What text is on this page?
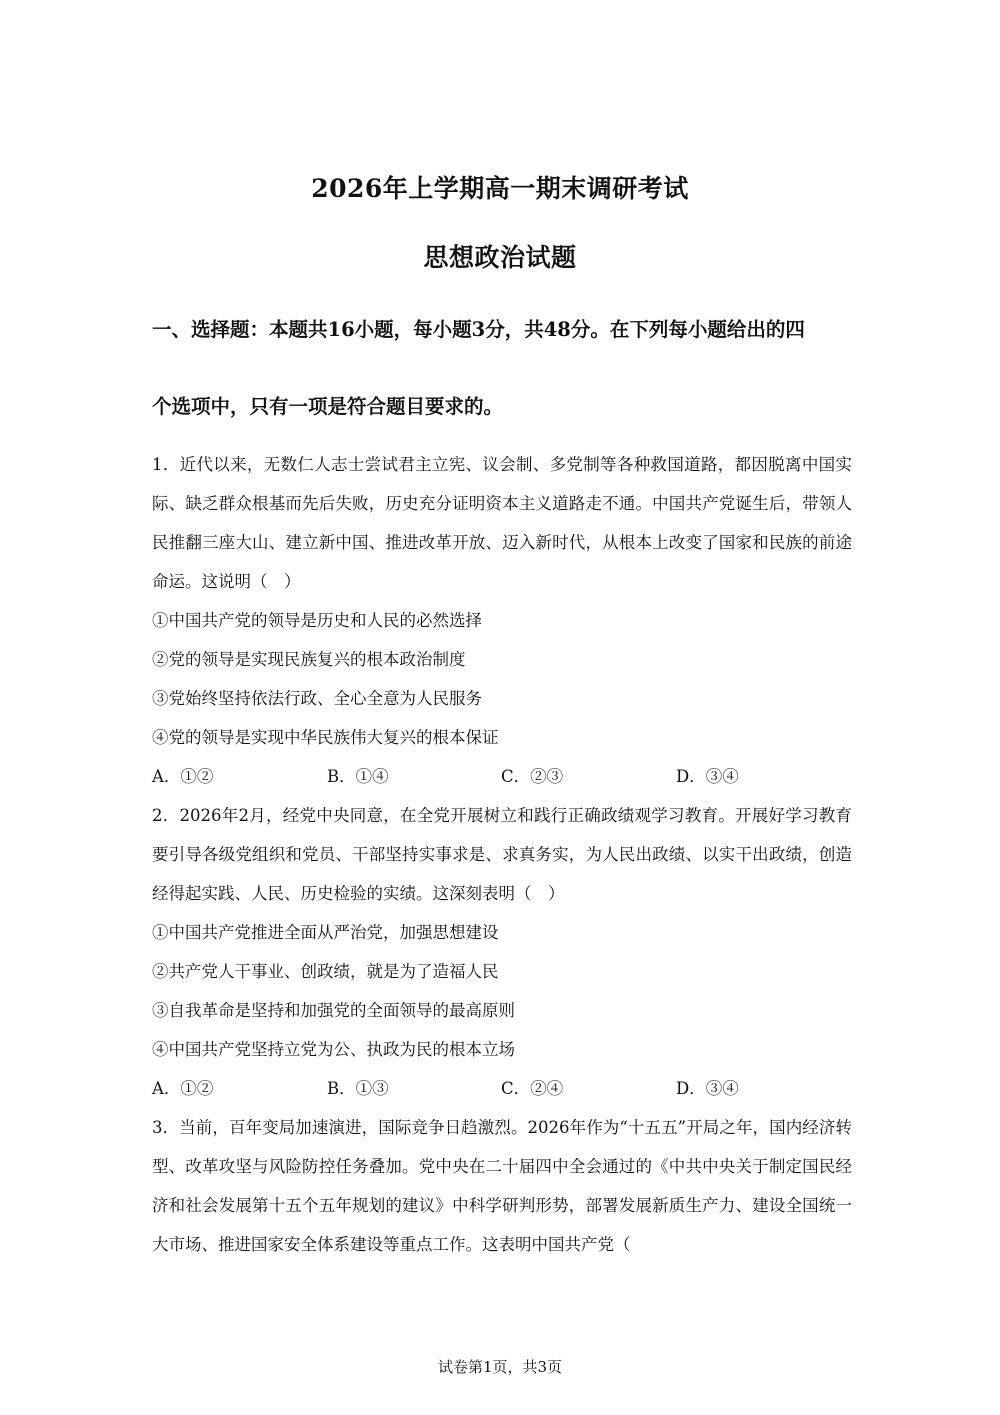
2026年上学期高一期末调研考试
思想政治试题
一、选择题：本题共16小题，每小题3分，共48分。在下列每小题给出的四
个选项中，只有一项是符合题目要求的。

1．近代以来，无数仁人志士尝试君主立宪、议会制、多党制等各种救国道路，都因脱离中国实际、缺乏群众根基而先后失败，历史充分证明资本主义道路走不通。中国共产党诞生后，带领人民推翻三座大山、建立新中国、推进改革开放、迈入新时代，从根本上改变了国家和民族的前途命运。这说明（　）

①中国共产党的领导是历史和人民的必然选择

②党的领导是实现民族复兴的根本政治制度

③党始终坚持依法行政、全心全意为人民服务

④党的领导是实现中华民族伟大复兴的根本保证

A．①②	B．①④	C．②③	D．③④

2．2026年2月，经党中央同意，在全党开展树立和践行正确政绩观学习教育。开展好学习教育要引导各级党组织和党员、干部坚持实事求是、求真务实，为人民出政绩、以实干出政绩，创造经得起实践、人民、历史检验的实绩。这深刻表明（　）

①中国共产党推进全面从严治党，加强思想建设

②共产党人干事业、创政绩，就是为了造福人民

③自我革命是坚持和加强党的全面领导的最高原则

④中国共产党坚持立党为公、执政为民的根本立场

A．①②	B．①③	C．②④	D．③④

3．当前，百年变局加速演进，国际竞争日趋激烈。2026年作为“十五五”开局之年，国内经济转型、改革攻坚与风险防控任务叠加。党中央在二十届四中全会通过的《中共中央关于制定国民经济和社会发展第十五个五年规划的建议》中科学研判形势，部署发展新质生产力、建设全国统一大市场、推进国家安全体系建设等重点工作。这表明中国共产党（

试卷第1页，共3页
